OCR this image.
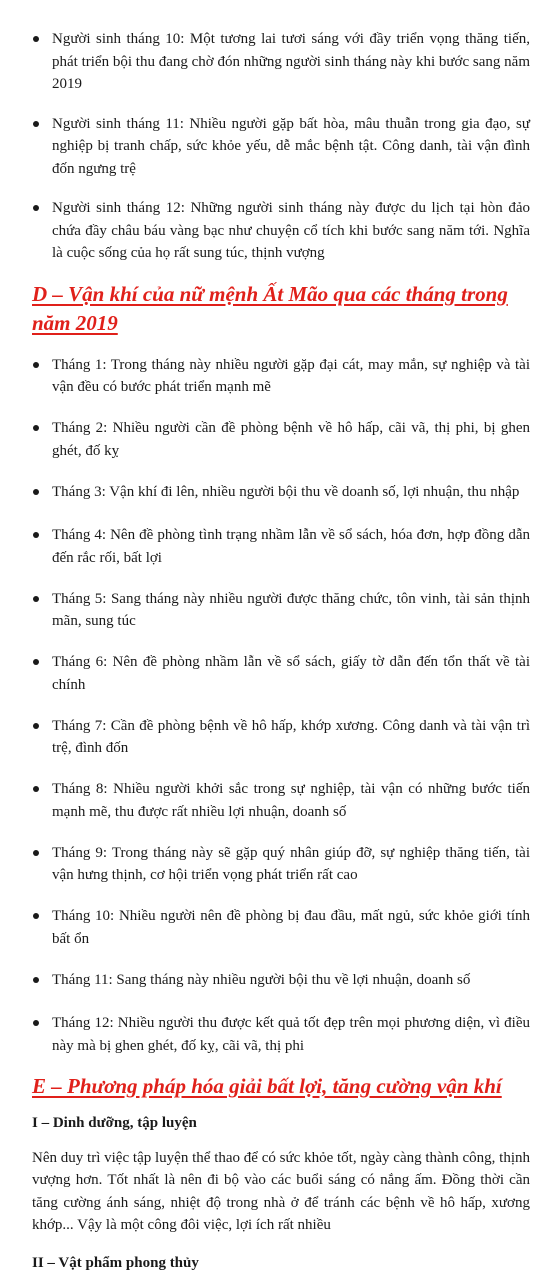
Người sinh tháng 10: Một tương lai tươi sáng với đầy triển vọng thăng tiến, phát triển bội thu đang chờ đón những người sinh tháng này khi bước sang năm 2019
Người sinh tháng 11: Nhiều người gặp bất hòa, mâu thuẫn trong gia đạo, sự nghiệp bị tranh chấp, sức khỏe yếu, dễ mắc bệnh tật. Công danh, tài vận đình đốn ngưng trệ
Người sinh tháng 12: Những người sinh tháng này được du lịch tại hòn đảo chứa đầy châu báu vàng bạc như chuyện cổ tích khi bước sang năm tới. Nghĩa là cuộc sống của họ rất sung túc, thịnh vượng
D – Vận khí của nữ mệnh Ất Mão qua các tháng trong năm 2019
Tháng 1: Trong tháng này nhiều người gặp đại cát, may mắn, sự nghiệp và tài vận đều có bước phát triển mạnh mẽ
Tháng 2: Nhiều người cần đề phòng bệnh về hô hấp, cãi vã, thị phi, bị ghen ghét, đố kỵ
Tháng 3: Vận khí đi lên, nhiều người bội thu về doanh số, lợi nhuận, thu nhập
Tháng 4: Nên đề phòng tình trạng nhầm lẫn về sổ sách, hóa đơn, hợp đồng dẫn đến rắc rối, bất lợi
Tháng 5: Sang tháng này nhiều người được thăng chức, tôn vinh, tài sản thịnh mãn, sung túc
Tháng 6: Nên đề phòng nhầm lẫn về sổ sách, giấy tờ dẫn đến tổn thất về tài chính
Tháng 7: Cần đề phòng bệnh về hô hấp, khớp xương. Công danh và tài vận trì trệ, đình đốn
Tháng 8: Nhiều người khởi sắc trong sự nghiệp, tài vận có những bước tiến mạnh mẽ, thu được rất nhiều lợi nhuận, doanh số
Tháng 9: Trong tháng này sẽ gặp quý nhân giúp đỡ, sự nghiệp thăng tiến, tài vận hưng thịnh, cơ hội triển vọng phát triển rất cao
Tháng 10: Nhiều người nên đề phòng bị đau đầu, mất ngủ, sức khỏe giới tính bất ổn
Tháng 11: Sang tháng này nhiều người bội thu về lợi nhuận, doanh số
Tháng 12: Nhiều người thu được kết quả tốt đẹp trên mọi phương diện, vì điều này mà bị ghen ghét, đố kỵ, cãi vã, thị phi
E – Phương pháp hóa giải bất lợi, tăng cường vận khí
I – Dinh dưỡng, tập luyện

Nên duy trì việc tập luyện thể thao để có sức khỏe tốt, ngày càng thành công, thịnh vượng hơn. Tốt nhất là nên đi bộ vào các buổi sáng có nắng ấm. Đồng thời cần tăng cường ánh sáng, nhiệt độ trong nhà ở để tránh các bệnh về hô hấp, xương khớp... Vậy là một công đôi việc, lợi ích rất nhiều

II – Vật phẩm phong thủy
